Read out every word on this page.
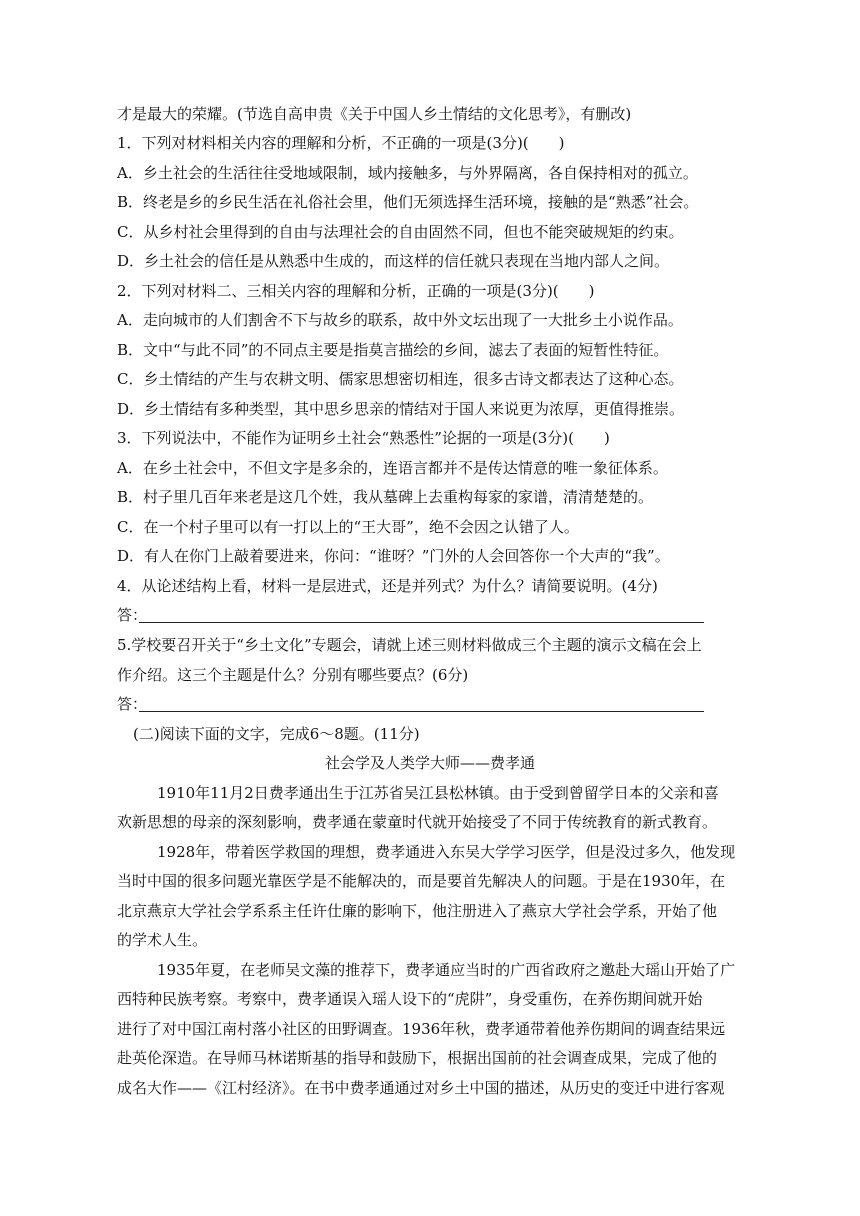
才是最大的荣耀。(节选自高申贵《关于中国人乡土情结的文化思考》，有删改)
1．下列对材料相关内容的理解和分析，不正确的一项是(3分)(　　)
A．乡土社会的生活往往受地域限制，域内接触多，与外界隔离，各自保持相对的孤立。
B．终老是乡的乡民生活在礼俗社会里，他们无须选择生活环境，接触的是“熟悉”社会。
C．从乡村社会里得到的自由与法理社会的自由固然不同，但也不能突破规矩的约束。
D．乡土社会的信任是从熟悉中生成的，而这样的信任就只表现在当地内部人之间。
2．下列对材料二、三相关内容的理解和分析，正确的一项是(3分)(　　)
A．走向城市的人们割舍不下与故乡的联系，故中外文坛出现了一大批乡土小说作品。
B．文中“与此不同”的不同点主要是指莫言描绘的乡间，滤去了表面的短暂性特征。
C．乡土情结的产生与农耕文明、儒家思想密切相连，很多古诗文都表达了这种心态。
D．乡土情结有多种类型，其中思乡思亲的情结对于国人来说更为浓厚，更值得推崇。
3．下列说法中，不能作为证明乡土社会“熟悉性”论据的一项是(3分)(　　)
A．在乡土社会中，不但文字是多余的，连语言都并不是传达情意的唯一象征体系。
B．村子里几百年来老是这几个姓，我从墓碑上去重构每家的家谱，清清楚楚的。
C．在一个村子里可以有一打以上的“王大哥”，绝不会因之认错了人。
D．有人在你门上敲着要进来，你问：“谁呀？”门外的人会回答你一个大声的“我”。
4．从论述结构上看，材料一是层进式，还是并列式？为什么？请简要说明。(4分)
答：
5.学校要召开关于“乡土文化”专题会，请就上述三则材料做成三个主题的演示文稿在会上
作介绍。这三个主题是什么？分别有哪些要点？(6分)
答：
(二)阅读下面的文字，完成6～8题。(11分)
社会学及人类学大师——费孝通
1910年11月2日费孝通出生于江苏省吴江县松林镇。由于受到曾留学日本的父亲和喜
欢新思想的母亲的深刻影响，费孝通在蒙童时代就开始接受了不同于传统教育的新式教育。
1928年，带着医学救国的理想，费孝通进入东吴大学学习医学，但是没过多久，他发现
当时中国的很多问题光靠医学是不能解决的，而是要首先解决人的问题。于是在1930年，在
北京燕京大学社会学系系主任许仕廉的影响下，他注册进入了燕京大学社会学系，开始了他
的学术人生。
1935年夏，在老师吴文藻的推荐下，费孝通应当时的广西省政府之邀赴大瑶山开始了广
西特种民族考察。考察中，费孝通误入瑶人设下的“虎阱”，身受重伤，在养伤期间就开始
进行了对中国江南村落小社区的田野调查。1936年秋，费孝通带着他养伤期间的调查结果远
赴英伦深造。在导师马林诺斯基的指导和鼓励下，根据出国前的社会调查成果，完成了他的
成名大作——《江村经济》。在书中费孝通通过对乡土中国的描述，从历史的变迁中进行客观
